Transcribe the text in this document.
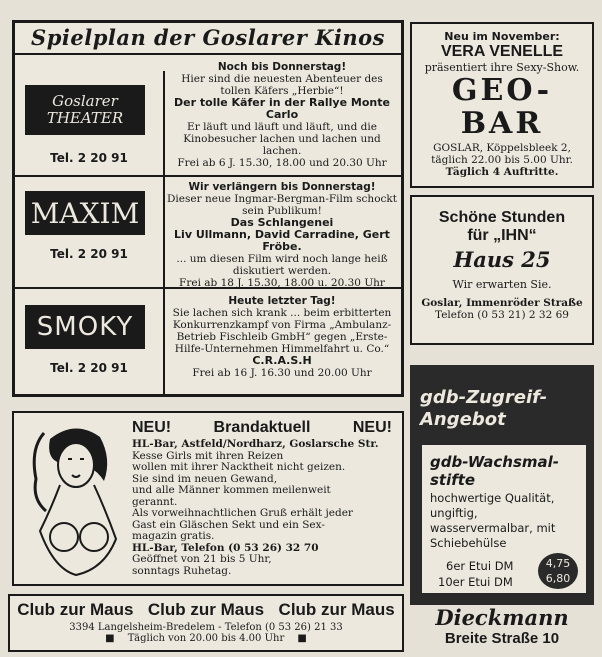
Spielplan der Goslarer Kinos
Goslarer THEATER
Tel. 2 20 91

Noch bis Donnerstag!

Hier sind die neuesten Abenteuer des tollen Käfers „Herbie“!

Der tolle Käfer in der Rallye Monte Carlo

Er läuft und läuft und läuft, und die Kinobesucher lachen und lachen und lachen.

Frei ab 6 J. 15.30, 18.00 und 20.30 Uhr

MAXIM
Tel. 2 20 91

Wir verlängern bis Donnerstag!

Dieser neue Ingmar-Bergman-Film schockt sein Publikum!

Das Schlangenei

Liv Ullmann, David Carradine, Gert Fröbe.

... um diesen Film wird noch lange heiß diskutiert werden.

Frei ab 18 J. 15.30, 18.00 u. 20.30 Uhr

SMOKY
Tel. 2 20 91

Heute letzter Tag!

Sie lachen sich krank ... beim erbitterten Konkurrenzkampf von Firma „Ambulanz-Betrieb Fischleib GmbH“ gegen „Erste-Hilfe-Unternehmen Himmelfahrt u. Co.“

C.R.A.S.H

Frei ab 16 J. 16.30 und 20.00 Uhr

Neu im November:
VERA VENELLE
präsentiert ihre Sexy-Show.
GEO-
BAR
GOSLAR, Köppelsbleek 2,
täglich 22.00 bis 5.00 Uhr.
Täglich 4 Auftritte.
Schöne Stunden
für „IHN“
Haus 25
Wir erwarten Sie.
Goslar, Immenröder Straße
Telefon (0 53 21) 2 32 69
NEU!	Brandaktuell	NEU!

HL-Bar, Astfeld/Nordharz, Goslarsche Str.

Kesse Girls mit ihren Reizen

wollen mit ihrer Nacktheit nicht geizen.

Sie sind im neuen Gewand,

und alle Männer kommen meilenweit

gerannt.

Als vorweihnachtlichen Gruß erhält jeder

Gast ein Gläschen Sekt und ein Sex-

magazin gratis.

HL-Bar, Telefon (0 53 26) 32 70

Geöffnet von 21 bis 5 Uhr,

sonntags Ruhetag.

Club zur Maus Club zur Maus Club zur Maus
3394 Langelsheim-Bredelem - Telefon (0 53 26) 21 33
■ Täglich von 20.00 bis 4.00 Uhr ■
gdb-Zugreif-
Angebot
gdb-Wachsmal-
stifte
hochwertige Qualität,
ungiftig,
wasservermalbar, mit
Schiebehülse
6er Etui DM
10er Etui DM
4,75
6,80
Dieckmann
Breite Straße 10
